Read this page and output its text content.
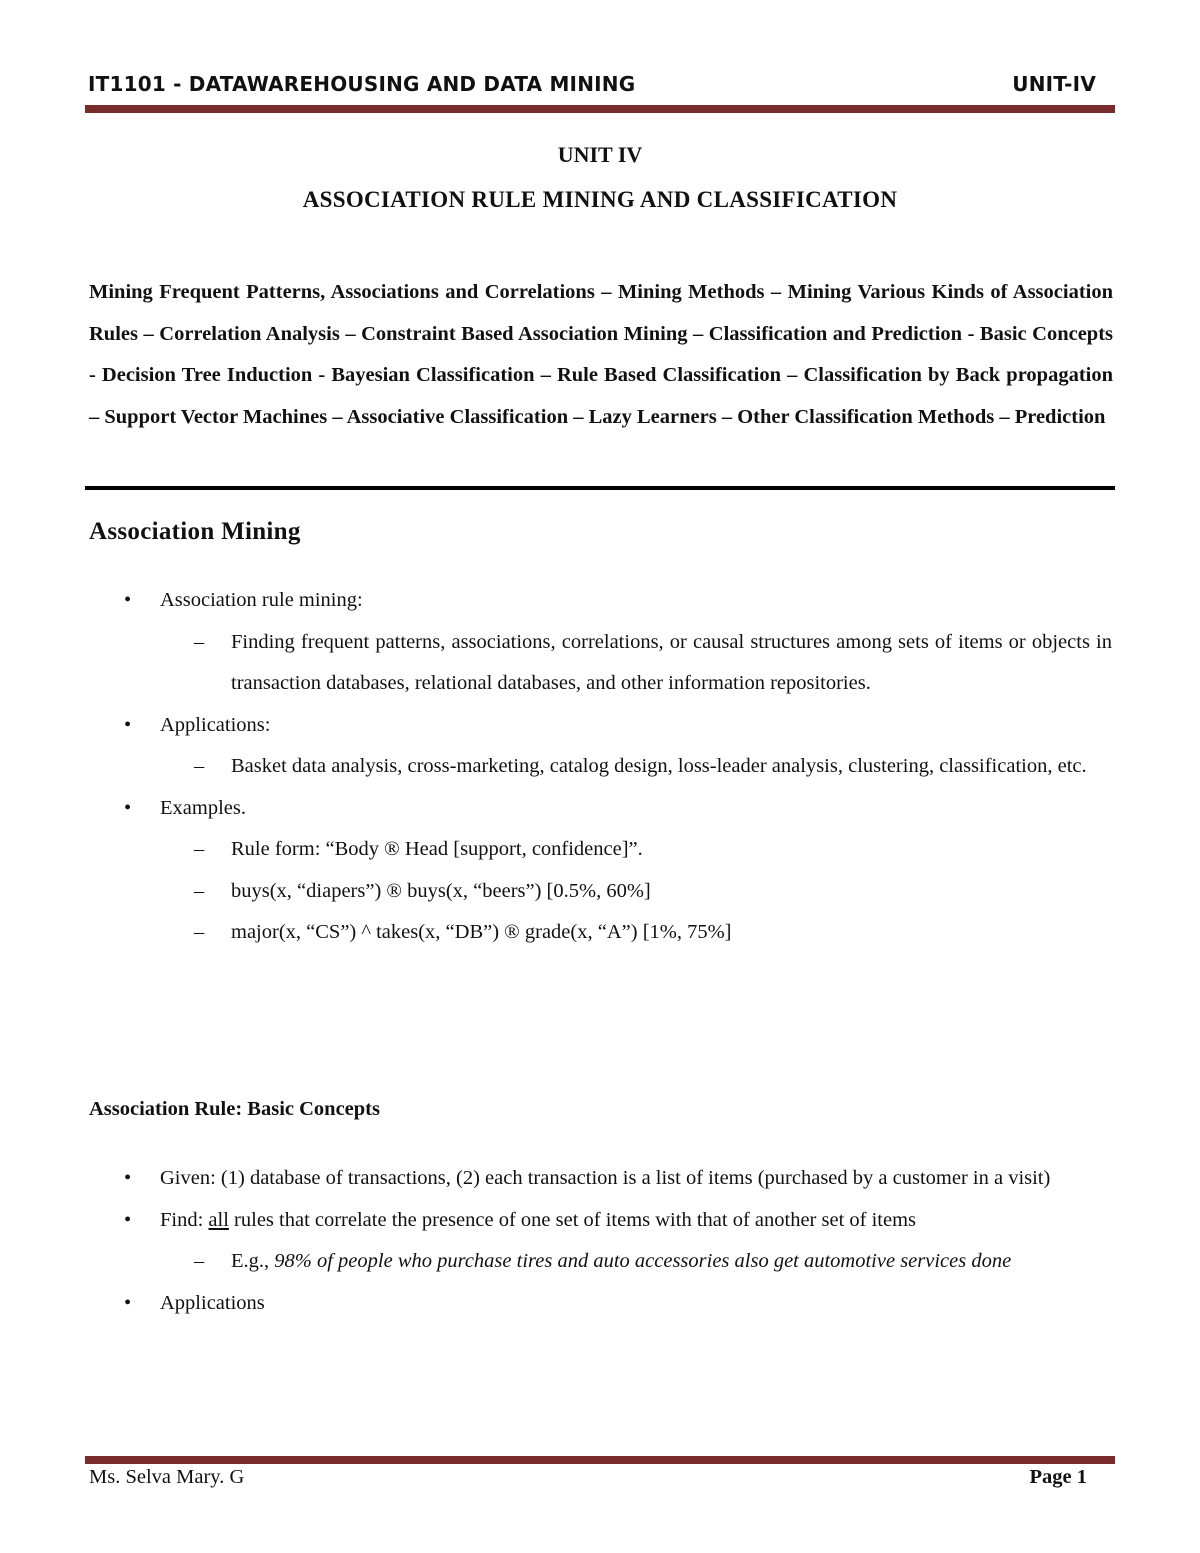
IT1101 - DATAWAREHOUSING AND DATA MINING	UNIT-IV
UNIT IV
ASSOCIATION RULE MINING AND CLASSIFICATION
Mining Frequent Patterns, Associations and Correlations – Mining Methods – Mining Various Kinds of Association Rules – Correlation Analysis – Constraint Based Association Mining – Classification and Prediction - Basic Concepts - Decision Tree Induction - Bayesian Classification – Rule Based Classification – Classification by Back propagation – Support Vector Machines – Associative Classification – Lazy Learners – Other Classification Methods – Prediction
Association Mining
• Association rule mining:
– Finding frequent patterns, associations, correlations, or causal structures among sets of items or objects in transaction databases, relational databases, and other information repositories.
• Applications:
– Basket data analysis, cross-marketing, catalog design, loss-leader analysis, clustering, classification, etc.
• Examples.
– Rule form: “Body ® Head [support, confidence]”.
– buys(x, “diapers”) ® buys(x, “beers”) [0.5%, 60%]
– major(x, “CS”) ^ takes(x, “DB”) ® grade(x, “A”) [1%, 75%]
Association Rule: Basic Concepts
• Given: (1) database of transactions, (2) each transaction is a list of items (purchased by a customer in a visit)
• Find: all rules that correlate the presence of one set of items with that of another set of items
– E.g., 98% of people who purchase tires and auto accessories also get automotive services done
• Applications
Ms. Selva Mary. G	Page 1
